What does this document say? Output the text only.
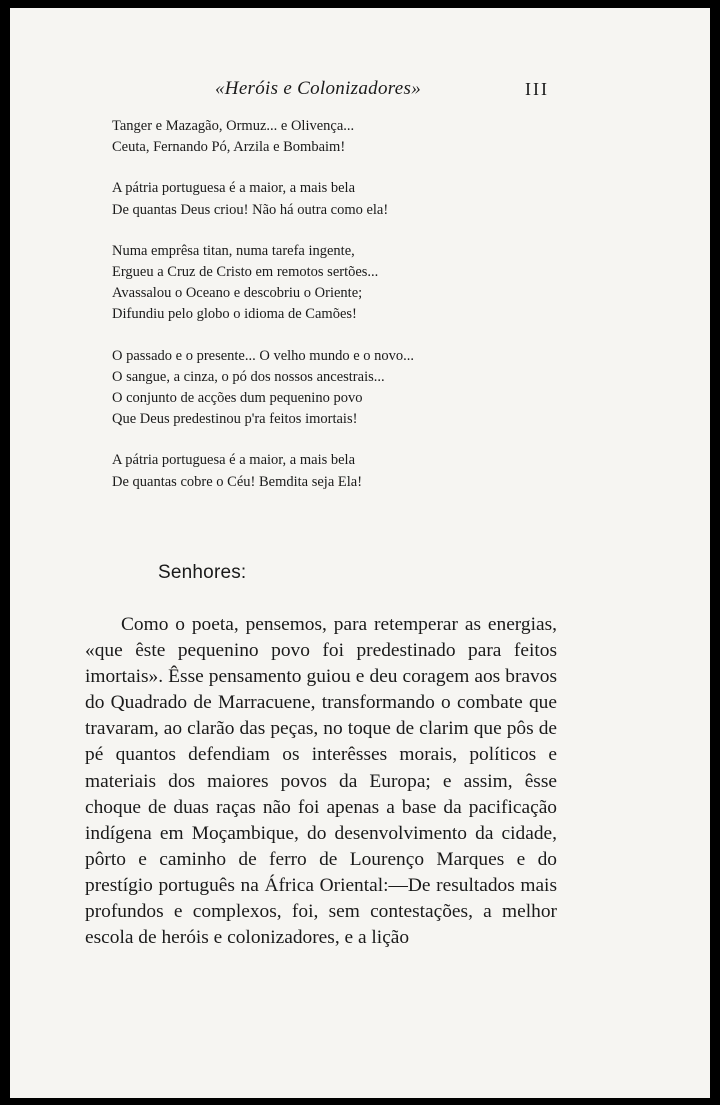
«Heróis e Colonizadores»	III
Tanger e Mazagão, Ormuz... e Olivença...
Ceuta, Fernando Pó, Arzila e Bombaim!
A pátria portuguesa é a maior, a mais bela
De quantas Deus criou! Não há outra como ela!
Numa emprêsa titan, numa tarefa ingente,
Ergueu a Cruz de Cristo em remotos sertões...
Avassalou o Oceano e descobriu o Oriente;
Difundiu pelo globo o idioma de Camões!
O passado e o presente... O velho mundo e o novo...
O sangue, a cinza, o pó dos nossos ancestrais...
O conjunto de acções dum pequenino povo
Que Deus predestinou p'ra feitos imortais!
A pátria portuguesa é a maior, a mais bela
De quantas cobre o Céu! Bemdita seja Ela!
Senhores:

Como o poeta, pensemos, para retemperar as energias, «que êste pequenino povo foi predestinado para feitos imortais». Êsse pensamento guiou e deu coragem aos bravos do Quadrado de Marracuene, transformando o combate que travaram, ao clarão das peças, no toque de clarim que pôs de pé quantos defendiam os interêsses morais, políticos e materiais dos maiores povos da Europa; e assim, êsse choque de duas raças não foi apenas a base da pacificação indígena em Moçambique, do desenvolvimento da cidade, pôrto e caminho de ferro de Lourenço Marques e do prestígio português na África Oriental:—De resultados mais profundos e complexos, foi, sem contestações, a melhor escola de heróis e colonizadores, e a lição
